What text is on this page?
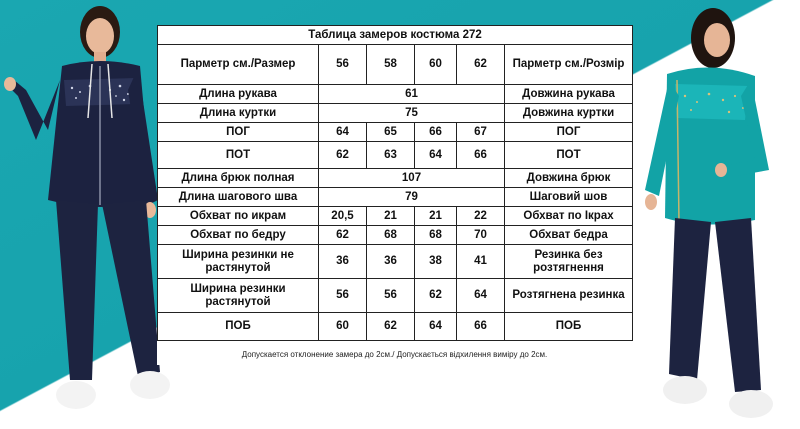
Таблица замеров костюма 272					
Парметр см./Размер	56	58	60	62	Парметр см./Розмір
Длина рукава	61				Довжина рукава
Длина куртки	75				Довжина куртки
ПОГ	64	65	66	67	ПОГ
ПОТ	62	63	64	66	ПОТ
Длина брюк полная	107				Довжина брюк
Длина шагового шва	79				Шаговий шов
Обхват по икрам	20,5	21	21	22	Обхват по Ікрах
Обхват по бедру	62	68	68	70	Обхват бедра
Ширина резинки не растянутой	36	36	38	41	Резинка без розтягнення
Ширина резинки растянутой	56	56	62	64	Розтягнена резинка
ПОБ	60	62	64	66	ПОБ
Допускается отклонение замера до 2см./ Допускається відхилення виміру до 2см.
